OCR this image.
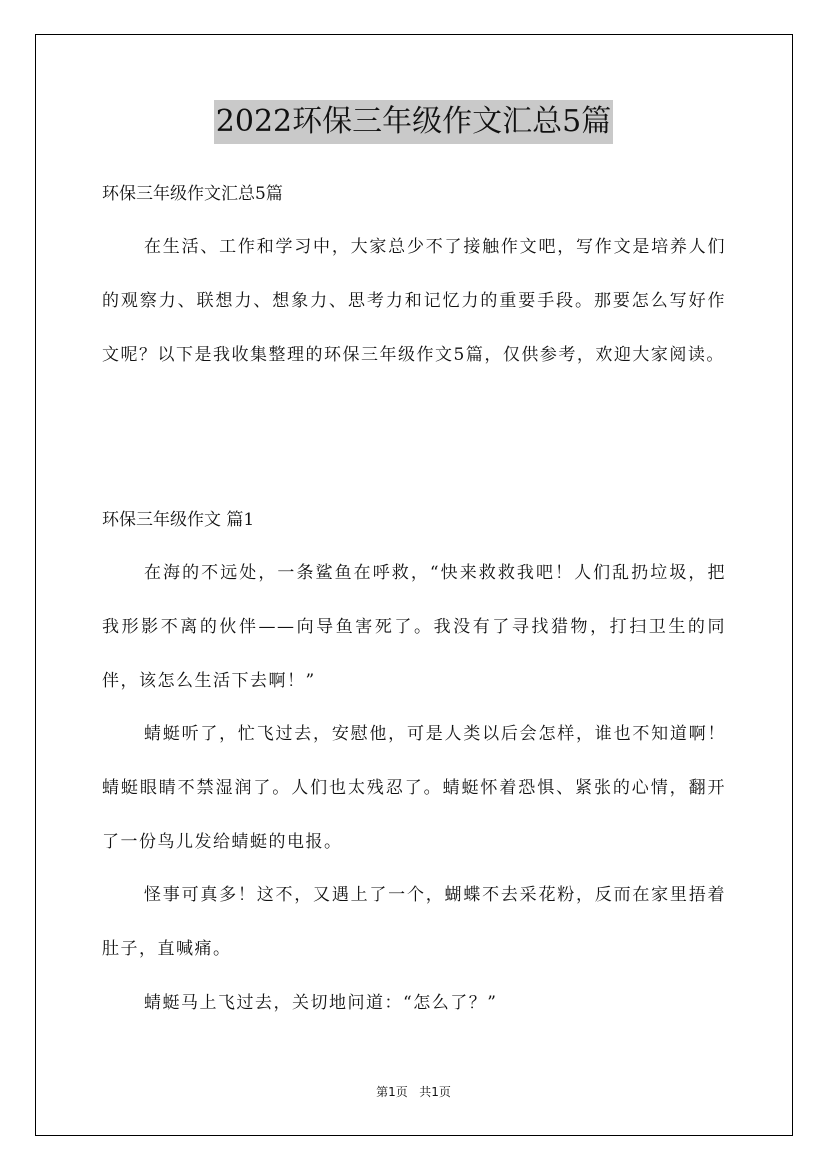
2022环保三年级作文汇总5篇

环保三年级作文汇总5篇

在生活、工作和学习中，大家总少不了接触作文吧，写作文是培养人们的观察力、联想力、想象力、思考力和记忆力的重要手段。那要怎么写好作文呢？以下是我收集整理的环保三年级作文5篇，仅供参考，欢迎大家阅读。

环保三年级作文 篇1

在海的不远处，一条鲨鱼在呼救，“快来救救我吧！人们乱扔垃圾，把我形影不离的伙伴——向导鱼害死了。我没有了寻找猎物，打扫卫生的同伴，该怎么生活下去啊！”

蜻蜓听了，忙飞过去，安慰他，可是人类以后会怎样，谁也不知道啊！蜻蜓眼睛不禁湿润了。人们也太残忍了。蜻蜓怀着恐惧、紧张的心情，翻开了一份鸟儿发给蜻蜓的电报。

怪事可真多！这不，又遇上了一个，蝴蝶不去采花粉，反而在家里捂着肚子，直喊痛。

蜻蜓马上飞过去，关切地问道：“怎么了？”

第1页 共1页
